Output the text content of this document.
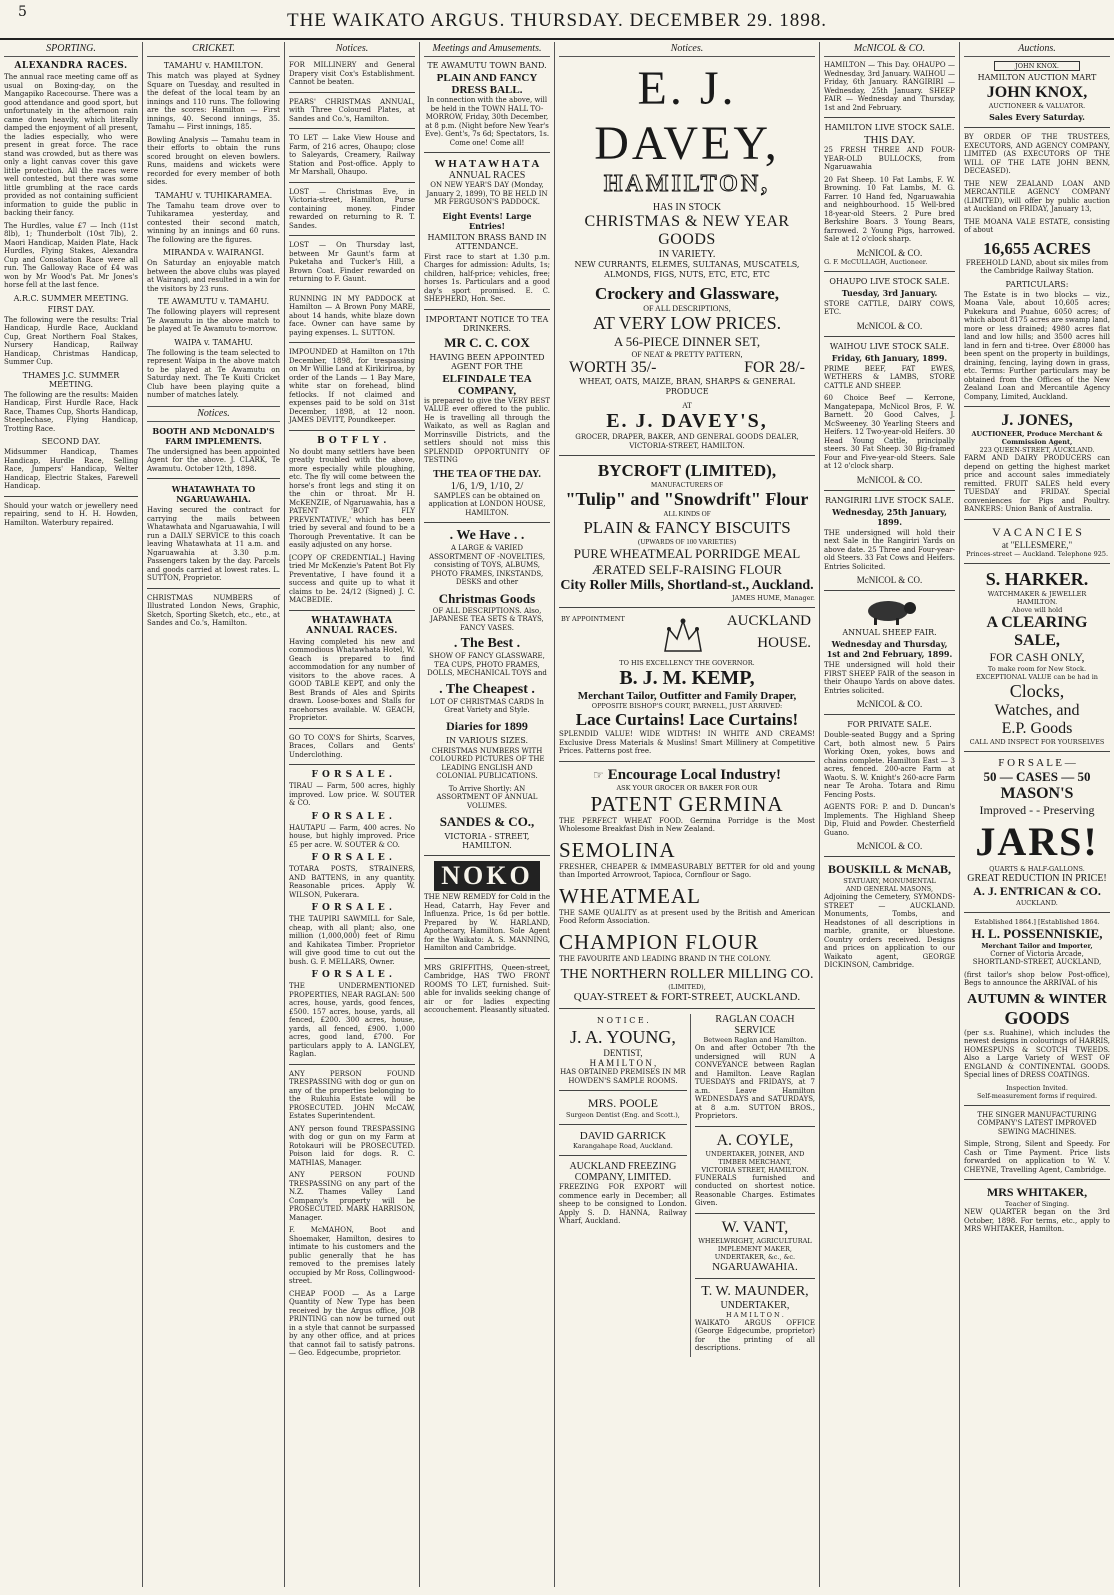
5	THE WAIKATO ARGUS. THURSDAY. DECEMBER 29. 1898.
SPORTING.
ALEXANDRA RACES.

The annual race meeting came off as usual on Boxing-day, on the Mangapiko Racecourse. There was a good attendance and good sport, but unfortunately in the afternoon rain came down heavily, which literally damped the enjoyment of all present, the ladies especially, who were present in great force. The race stand was crowded, but as there was only a light canvas cover this gave little protection. All the races were well contested, but there was some little grumbling at the race cards provided as not containing sufficient information to guide the public in backing their fancy.

The Hurdles, value £7 — Inch (11st 8lb), 1; Thunderbolt (10st 7lb), 2. Maori Handicap, Maiden Plate, Hack Hurdles, Flying Stakes, Alexandra Cup and Consolation Race were all run. The Galloway Race of £4 was won by Mr Wood's Pat. Mr Jones's horse fell at the last fence.

A.R.C. SUMMER MEETING.
FIRST DAY.

The following were the results: Trial Handicap, Hurdle Race, Auckland Cup, Great Northern Foal Stakes, Nursery Handicap, Railway Handicap, Christmas Handicap, Summer Cup.

THAMES J.C. SUMMER MEETING.

The following are the results: Maiden Handicap, First Hurdle Race, Hack Race, Thames Cup, Shorts Handicap, Steeplechase, Flying Handicap, Trotting Race.

SECOND DAY.

Midsummer Handicap, Thames Handicap, Hurdle Race, Selling Race, Jumpers' Handicap, Welter Handicap, Electric Stakes, Farewell Handicap.

Should your watch or jewellery need repairing, send to H. H. Howden, Hamilton. Waterbury repaired.

CRICKET.
TAMAHU v. HAMILTON.

This match was played at Sydney Square on Tuesday, and resulted in the defeat of the local team by an innings and 110 runs. The following are the scores: Hamilton — First innings, 40. Second innings, 35. Tamahu — First innings, 185.

Bowling Analysis — Tamahu team in their efforts to obtain the runs scored brought on eleven bowlers. Runs, maidens and wickets were recorded for every member of both sides.

TAMAHU v. TUHIKARAMEA.

The Tamahu team drove over to Tuhikaramea yesterday, and contested their second match, winning by an innings and 60 runs. The following are the figures.

MIRANDA v. WAIRANGI.

On Saturday an enjoyable match between the above clubs was played at Wairangi, and resulted in a win for the visitors by 23 runs.

TE AWAMUTU v. TAMAHU.

The following players will represent Te Awamutu in the above match to be played at Te Awamutu to-morrow.

WAIPA v. TAMAHU.

The following is the team selected to represent Waipa in the above match to be played at Te Awamutu on Saturday next. The Te Kuiti Cricket Club have been playing quite a number of matches lately.

Notices.
BOOTH AND McDONALD'S FARM IMPLEMENTS.

The undersigned has been appointed Agent for the above. J. CLARK, Te Awamutu. October 12th, 1898.

WHATAWHATA TO NGARUAWAHIA.

Having secured the contract for carrying the mails between Whatawhata and Ngaruawahia, I will run a DAILY SERVICE to this coach leaving Whatawhata at 11 a.m. and Ngaruawahia at 3.30 p.m. Passengers taken by the day. Parcels and goods carried at lowest rates. L. SUTTON, Proprietor.

CHRISTMAS NUMBERS of Illustrated London News, Graphic, Sketch, Sporting Sketch, etc., etc., at Sandes and Co.'s, Hamilton.

Notices.

FOR MILLINERY and General Drapery visit Cox's Establishment. Cannot be beaten.

PEARS' CHRISTMAS ANNUAL, with Three Coloured Plates, at Sandes and Co.'s, Hamilton.

TO LET — Lake View House and Farm, of 216 acres, Ohaupo; close to Saleyards, Creamery, Railway Station and Post-office. Apply to Mr Marshall, Ohaupo.

LOST — Christmas Eve, in Victoria-street, Hamilton, Purse containing money. Finder rewarded on returning to R. T. Sandes.

LOST — On Thursday last, between Mr Gaunt's farm at Puketaha and Tucker's Hill, a Brown Coat. Finder rewarded on returning to F. Gaunt.

RUNNING IN MY PADDOCK at Hamilton — A Brown Pony MARE, about 14 hands, white blaze down face. Owner can have same by paying expenses. L. SUTTON.

IMPOUNDED at Hamilton on 17th December, 1898, for trespassing on Mr Willie Land at Kirikiriroa, by order of the Lands — 1 Bay Mare, white star on forehead, blind fetlocks. If not claimed and expenses paid to be sold on 31st December, 1898, at 12 noon. JAMES DEVITT, Poundkeeper.

B O T F L Y .

No doubt many settlers have been greatly troubled with the above, more especially while ploughing, etc. The fly will come between the horse's front legs and sting it on the chin or throat. Mr H. McKENZIE, of Ngaruawahia, has a PATENT 'BOT FLY PREVENTATIVE,' which has been tried by several and found to be a Thorough Preventative. It can be easily adjusted on any horse.

[COPY OF CREDENTIAL.] Having tried Mr McKenzie's Patent Bot Fly Preventative, I have found it a success and quite up to what it claims to be. 24/12 (Signed) J. C. MACBEDIE.

WHATAWHATA ANNUAL RACES.

Having completed his new and commodious Whatawhata Hotel, W. Geach is prepared to find accommodation for any number of visitors to the above races. A GOOD TABLE KEPT, and only the Best Brands of Ales and Spirits drawn. Loose-boxes and Stalls for racehorses available. W. GEACH, Proprietor.

GO TO COX'S for Shirts, Scarves, Braces, Collars and Gents' Underclothing.

F O R S A L E .

TIRAU — Farm, 500 acres, highly improved. Low price. W. SOUTER & CO.

F O R S A L E .

HAUTAPU — Farm, 400 acres. No house, but highly improved. Price £5 per acre. W. SOUTER & CO.

F O R S A L E .

TOTARA POSTS, STRAINERS, AND BATTENS, in any quantity. Reasonable prices. Apply W. WILSON, Pukerara.

F O R S A L E .

THE TAUPIRI SAWMILL for Sale, cheap, with all plant; also, one million (1,000,000) feet of Rimu and Kahikatea Timber. Proprietor will give good time to cut out the bush. G. F. MELLARS, Owner.

F O R S A L E .

THE UNDERMENTIONED PROPERTIES, NEAR RAGLAN: 500 acres, house, yards, good fences, £500. 157 acres, house, yards, all fenced, £200. 300 acres, house, yards, all fenced, £900. 1,000 acres, good land, £700. For particulars apply to A. LANGLEY, Raglan.

ANY PERSON FOUND TRESPASSING with dog or gun on any of the properties belonging to the Rukuhia Estate will be PROSECUTED. JOHN McCAW, Estates Superintendent.

ANY person found TRESPASSING with dog or gun on my Farm at Rotokauri will be PROSECUTED. Poison laid for dogs. R. C. MATHIAS, Manager.

ANY PERSON FOUND TRESPASSING on any part of the N.Z. Thames Valley Land Company's property will be PROSECUTED. MARK HARRISON, Manager.

F. McMAHON, Boot and Shoemaker, Hamilton, desires to intimate to his customers and the public generally that he has removed to the premises lately occupied by Mr Ross, Collingwood-street.

CHEAP FOOD — As a Large Quantity of New Type has been received by the Argus office, JOB PRINTING can now be turned out in a style that cannot be surpassed by any other office, and at prices that cannot fail to satisfy patrons. — Geo. Edgecumbe, proprietor.

Meetings and Amusements.
TE AWAMUTU TOWN BAND.
PLAIN AND FANCY DRESS BALL.

In connection with the above, will be held in the TOWN HALL TO-MORROW, Friday, 30th December, at 8 p.m. (Night before New Year's Eve). Gent's, 7s 6d; Spectators, 1s. Come one! Come all!

W H A T A W H A T A
ANNUAL RACES

ON NEW YEAR'S DAY (Monday, January 2, 1899), TO BE HELD IN MR FERGUSON'S PADDOCK.

Eight Events! Large Entries!
HAMILTON BRASS BAND IN ATTENDANCE.

First race to start at 1.30 p.m. Charges for admission: Adults, 1s; children, half-price; vehicles, free; horses 1s. Particulars and a good day's sport promised. E. C. SHEPHERD, Hon. Sec.

IMPORTANT NOTICE TO TEA DRINKERS.
MR C. C. COX
HAVING BEEN APPOINTED AGENT FOR THE
ELFINDALE TEA COMPANY,

is prepared to give the VERY BEST VALUE ever offered to the public. He is travelling all through the Waikato, as well as Raglan and Morrinsville Districts, and the settlers should not miss this SPLENDID OPPORTUNITY OF TESTING

THE TEA OF THE DAY.
1/6, 1/9, 1/10, 2/

SAMPLES can be obtained on application at LONDON HOUSE, HAMILTON.

. We Have . .

A LARGE & VARIED ASSORTMENT OF -NOVELTIES, consisting of TOYS, ALBUMS, PHOTO FRAMES, INKSTANDS, DESKS and other

Christmas Goods

OF ALL DESCRIPTIONS. Also, JAPANESE TEA SETS & TRAYS, FANCY VASES.

. The Best .

SHOW OF FANCY GLASSWARE, TEA CUPS, PHOTO FRAMES, DOLLS, MECHANICAL TOYS and

. The Cheapest .

LOT OF CHRISTMAS CARDS In Great Variety and Style.

Diaries for 1899
IN VARIOUS SIZES.

CHRISTMAS NUMBERS WITH COLOURED PICTURES OF THE LEADING ENGLISH AND COLONIAL PUBLICATIONS.

To Arrive Shortly: AN ASSORTMENT OF ANNUAL VOLUMES.

SANDES & CO.,
VICTORIA - STREET, HAMILTON.
NOKO

THE NEW REMEDY for Cold in the Head, Catarrh, Hay Fever and Influenza. Price, 1s 6d per bottle. Prepared by W. HARLAND, Apothecary, Hamilton. Sole Agent for the Waikato: A. S. MANNING, Hamilton and Cambridge.

MRS GRIFFITHS, Queen-street, Cambridge, HAS TWO FRONT ROOMS TO LET, furnished. Suit-able for invalids seeking change of air or for ladies expecting accouchement. Pleasantly situated.

Notices.
E. J. DAVEY,
HAMILTON,
HAS IN STOCK
CHRISTMAS & NEW YEAR GOODS
IN VARIETY.

NEW CURRANTS, ELEMES, SULTANAS, MUSCATELS, ALMONDS, FIGS, NUTS, ETC, ETC, ETC

Crockery and Glassware,
OF ALL DESCRIPTIONS,
AT VERY LOW PRICES.
A 56-PIECE DINNER SET,
OF NEAT & PRETTY PATTERN,
WORTH 35/-	FOR 28/-

WHEAT, OATS, MAIZE, BRAN, SHARPS & GENERAL PRODUCE

AT
E. J. DAVEY'S,

GROCER, DRAPER, BAKER, AND GENERAL GOODS DEALER, VICTORIA-STREET, HAMILTON.

BYCROFT (LIMITED),
MANUFACTURERS OF
"Tulip" and "Snowdrift" Flour
ALL KINDS OF
PLAIN & FANCY BISCUITS
(UPWARDS OF 100 VARIETIES)
PURE WHEATMEAL PORRIDGE MEAL
ÆRATED SELF-RAISING FLOUR
City Roller Mills, Shortland-st., Auckland.
JAMES HUME, Manager.
BY APPOINTMENT	AUCKLAND
HOUSE.
TO HIS EXCELLENCY THE GOVERNOR.
B. J. M. KEMP,
Merchant Tailor, Outfitter and Family Draper,
OPPOSITE BISHOP'S COURT, PARNELL, JUST ARRIVED:
Lace Curtains! Lace Curtains!

SPLENDID VALUE! WIDE WIDTHS! IN WHITE AND CREAMS! Exclusive Dress Materials & Muslins! Smart Millinery at Competitive Prices. Patterns post free.

☞ Encourage Local Industry!
ASK YOUR GROCER OR BAKER FOR OUR
PATENT GERMINA

THE PERFECT WHEAT FOOD. Germina Porridge is the Most Wholesome Breakfast Dish in New Zealand.

SEMOLINA

FRESHER, CHEAPER & IMMEASURABLY BETTER for old and young than Imported Arrowroot, Tapioca, Cornflour or Sago.

WHEATMEAL

THE SAME QUALITY as at present used by the British and American Food Reform Association.

CHAMPION FLOUR

THE FAVOURITE AND LEADING BRAND IN THE COLONY.

THE NORTHERN ROLLER MILLING CO.
(LIMITED),
QUAY-STREET & FORT-STREET, AUCKLAND.
N O T I C E .
J. A. YOUNG,
DENTIST,
H A M I L T O N ,

HAS OBTAINED PREMISES IN MR HOWDEN'S SAMPLE ROOMS.

MRS. POOLE
Surgeon Dentist (Eng. and Scott.),
DAVID GARRICK
Karangahape Road, Auckland.
AUCKLAND FREEZING COMPANY, LIMITED.

FREEZING FOR EXPORT will commence early in December; all sheep to be consigned to London. Apply S. D. HANNA, Railway Wharf, Auckland.

RAGLAN COACH SERVICE
Between Raglan and Hamilton.

On and after October 7th the undersigned will RUN A CONVEYANCE between Raglan and Hamilton. Leave Raglan TUESDAYS and FRIDAYS, at 7 a.m. Leave Hamilton WEDNESDAYS and SATURDAYS, at 8 a.m. SUTTON BROS., Proprietors.

A. COYLE,
UNDERTAKER, JOINER, AND TIMBER MERCHANT,
VICTORIA STREET, HAMILTON.

FUNERALS furnished and conducted on shortest notice. Reasonable Charges. Estimates Given.

W. VANT,
WHEELWRIGHT, AGRICULTURAL IMPLEMENT MAKER,
UNDERTAKER, &c., &c.
NGARUAWAHIA.
T. W. MAUNDER,
UNDERTAKER,
H A M I L T O N .

WAIKATO ARGUS OFFICE (George Edgecumbe, proprietor) for the printing of all descriptions.

McNICOL & CO.

HAMILTON — This Day. OHAUPO — Wednesday, 3rd January. WAIHOU — Friday, 6th January. RANGIRIRI — Wednesday, 25th January. SHEEP FAIR — Wednesday and Thursday, 1st and 2nd February.

HAMILTON LIVE STOCK SALE.
THIS DAY.

25 FRESH THREE AND FOUR-YEAR-OLD BULLOCKS, from Ngaruawahia

20 Fat Sheep. 10 Fat Lambs, F. W. Browning. 10 Fat Lambs, M. G. Farrer. 10 Hand fed, Ngaruawahia and neighbourhood. 15 Well-bred 18-year-old Steers. 2 Pure bred Berkshire Boars. 3 Young Bears, farrowed. 2 Young Pigs, harrowed. Sale at 12 o'clock sharp.

McNICOL & CO.
G. F. McCULLAGH, Auctioneer.
OHAUPO LIVE STOCK SALE.
Tuesday, 3rd January.

STORE CATTLE, DAIRY COWS, ETC.

McNICOL & CO.
WAIHOU LIVE STOCK SALE.
Friday, 6th January, 1899.

PRIME BEEF, FAT EWES, WETHERS & LAMBS, STORE CATTLE AND SHEEP.

60 Choice Beef — Kerrone, Mangatepapa, McNicol Bros, F. W. Barnett. 20 Good Calves, J. McSweeney. 30 Yearling Steers and Heifers. 12 Two-year-old Heifers. 30 Head Young Cattle, principally steers. 30 Fat Sheep. 30 Big-framed Four and Five-year-old Steers. Sale at 12 o'clock sharp.

McNICOL & CO.
RANGIRIRI LIVE STOCK SALE.
Wednesday, 25th January, 1899.

THE undersigned will hold their next Sale in the Rangiriri Yards on above date. 25 Three and Four-year-old Steers. 33 Fat Cows and Heifers. Entries Solicited.

McNICOL & CO.
ANNUAL SHEEP FAIR.
Wednesday and Thursday, 1st and 2nd February, 1899.

THE undersigned will hold their FIRST SHEEP FAIR of the season in their Ohaupo Yards on above dates. Entries solicited.

McNICOL & CO.
FOR PRIVATE SALE.

Double-seated Buggy and a Spring Cart, both almost new. 5 Pairs Working Oxen, yokes, bows and chains complete. Hamilton East — 3 acres, fenced. 200-acre Farm at Waotu. S. W. Knight's 260-acre Farm near Te Aroha. Totara and Rimu Fencing Posts.

AGENTS FOR: P. and D. Duncan's Implements. The Highland Sheep Dip, Fluid and Powder. Chesterfield Guano.

McNICOL & CO.
BOUSKILL & McNAB,
STATUARY, MONUMENTAL
AND GENERAL MASONS,

Adjoining the Cemetery, SYMONDS-STREET — AUCKLAND. Monuments, Tombs, and Headstones of all descriptions in marble, granite, or bluestone. Country orders received. Designs and prices on application to our Waikato agent, GEORGE DICKINSON, Cambridge.

Auctions.
JOHN KNOX.
HAMILTON AUCTION MART
JOHN KNOX,
AUCTIONEER & VALUATOR.
Sales Every Saturday.

BY ORDER OF THE TRUSTEES, EXECUTORS, AND AGENCY COMPANY, LIMITED (AS EXECUTORS OF THE WILL OF THE LATE JOHN BENN, DECEASED).

THE NEW ZEALAND LOAN AND MERCANTILE AGENCY COMPANY (LIMITED), will offer by public auction at Auckland on FRIDAY, January 13,

THE MOANA VALE ESTATE, consisting of about

16,655 ACRES

FREEHOLD LAND, about six miles from the Cambridge Railway Station.

PARTICULARS:

The Estate is in two blocks — viz., Moana Vale, about 10,605 acres; Pukekura and Puahue, 6050 acres; of which about 8175 acres are swamp land, more or less drained; 4980 acres flat land and low hills; and 3500 acres hill land in fern and ti-tree. Over £8000 has been spent on the property in buildings, draining, fencing, laying down in grass, etc. Terms: Further particulars may be obtained from the Offices of the New Zealand Loan and Mercantile Agency Company, Limited, Auckland.

J. JONES,
AUCTIONEER, Produce Merchant & Commission Agent,
223 QUEEN-STREET, AUCKLAND.

FARM AND DAIRY PRODUCERS can depend on getting the highest market price and account sales immediately remitted. FRUIT SALES held every TUESDAY and FRIDAY. Special conveniences for Pigs and Poultry. BANKERS: Union Bank of Australia.

V A C A N C I E S
at "ELLESMERE,"
Princes-street — Auckland. Telephone 925.
S. HARKER.
WATCHMAKER & JEWELLER
HAMILTON.
Above will hold
A CLEARING SALE,
FOR CASH ONLY,
To make room for New Stock.
EXCEPTIONAL VALUE can be had in
Clocks,
Watches, and
E.P. Goods
CALL AND INSPECT FOR YOURSELVES
F O R S A L E —
50 — CASES — 50
MASON'S
Improved - - Preserving
JARS!
QUARTS & HALF-GALLONS.
GREAT REDUCTION IN PRICE!
A. J. ENTRICAN & CO.
AUCKLAND.
Established 1864.] [Established 1864.
H. L. POSSENNISKIE,
Merchant Tailor and Importer,

Corner of Victoria Arcade, SHORTLAND-STREET, AUCKLAND,

(first tailor's shop below Post-office), Begs to announce the ARRIVAL of his

AUTUMN & WINTER
GOODS

(per s.s. Ruahine), which includes the newest designs in colourings of HARRIS, HOMESPUNS & SCOTCH TWEEDS. Also a Large Variety of WEST OF ENGLAND & CONTINENTAL GOODS. Special lines of DRESS COATINGS.

Inspection Invited.
Self-measurement forms if required.

THE SINGER MANUFACTURING COMPANY'S LATEST IMPROVED SEWING MACHINES.

Simple, Strong, Silent and Speedy. For Cash or Time Payment. Price lists forwarded on application to W. V. CHEYNE, Travelling Agent, Cambridge.

MRS WHITAKER,
Teacher of Singing.

NEW QUARTER began on the 3rd October, 1898. For terms, etc., apply to MRS WHITAKER, Hamilton.
